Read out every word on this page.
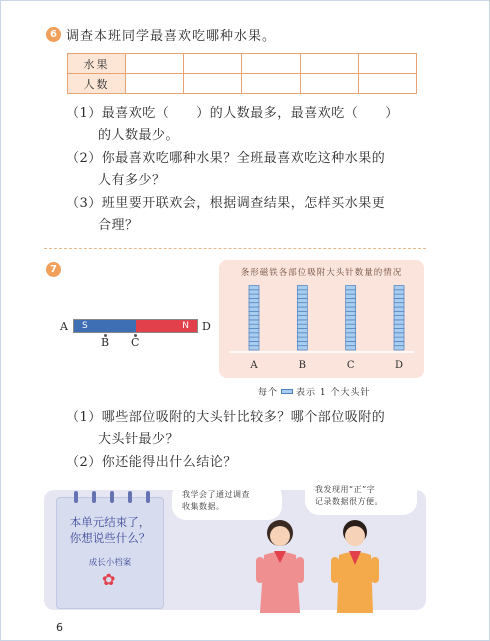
6 调查本班同学最喜欢吃哪种水果。
水果					
人数					
（1）最喜欢吃（　　）的人数最多，最喜欢吃（　　）
的人数最少。
（2）你最喜欢吃哪种水果？全班最喜欢吃这种水果的
人有多少？
（3）班里要开联欢会，根据调查结果，怎样买水果更
合理？
7
A	S	N	D
B C
条形磁铁各部位吸附大头针数量的情况
A	B	C	D
每个 表示 1 个大头针
（1）哪些部位吸附的大头针比较多？哪个部位吸附的
大头针最少？
（2）你还能得出什么结论？
本单元结束了，
你想说些什么？
成长小档案
✿
我学会了通过调查
收集数据。
我发现用“正”字
记录数据很方便。
6
